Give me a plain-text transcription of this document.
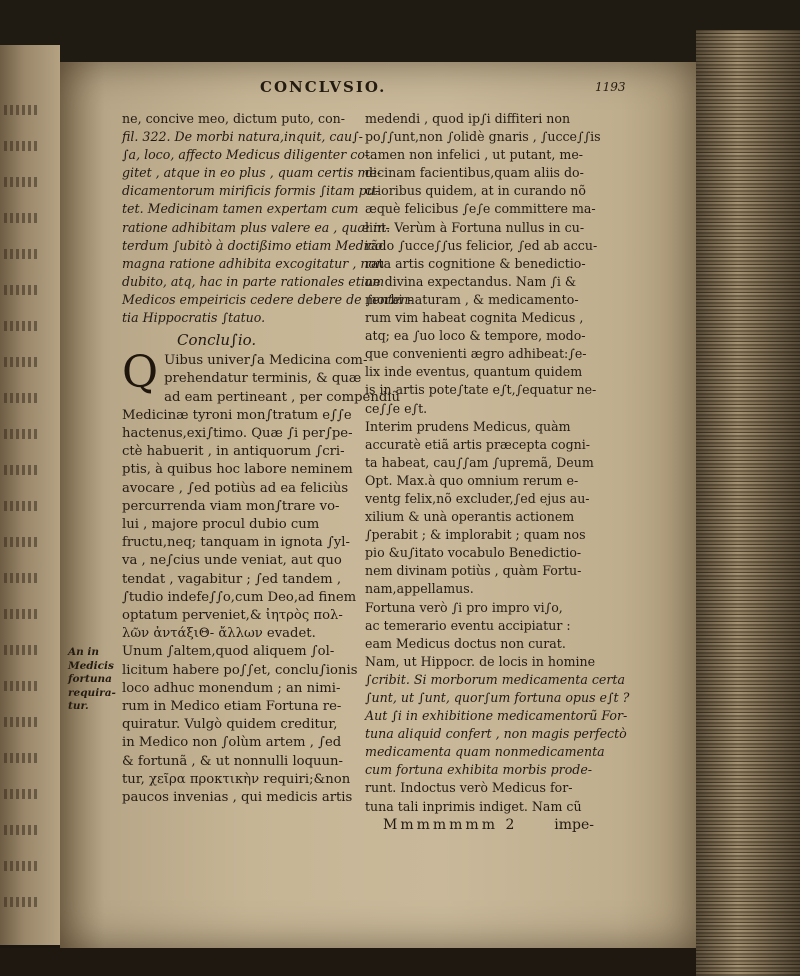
CONCLVSIO.	1193
ne, concive meo, dictum puto, con-
fil. 322. De morbi natura,inquit, cau∫-
∫a, loco, affecto Medicus diligenter co-
gitet , atque in eo plus , quam certis me-
dicamentorum mirificis formis ∫itam pu-
tet. Medicinam tamen expertam cum
ratione adhibitam plus valere ea , quæ in-
terdum ∫ubitò à doctißimo etiam Medico
magna ratione adhibita excogitatur , non
dubito, atq, hac in parte rationales etiam
Medicos empeiricis cedere debere de ∫enten-
tia Hippocratis ∫tatuo.
Conclu∫io.
Q Uibus univer∫a Medicina com-
prehendatur terminis, & quæ
ad eam pertineant , per compendiũ
Medicinæ tyroni mon∫tratum e∫∫e
hactenus,exi∫timo. Quæ ∫i per∫pe-
ctè habuerit , in antiquorum ∫cri-
ptis, à quibus hoc labore neminem
avocare , ∫ed potiùs ad ea feliciùs
percurrenda viam mon∫trare vo-
lui , majore procul dubio cum
fructu,neq; tanquam in ignota ∫yl-
va , ne∫cius unde veniat, aut quo
tendat , vagabitur ; ∫ed tandem ,
∫tudio indefe∫∫o,cum Deo,ad finem
optatum perveniet,& ἰητρὸς πολ-
λῶν ἀντάξιΘ- ἄλλων evadet.
Unum ∫altem,quod aliquem ∫ol-
licitum habere po∫∫et, conclu∫ionis
loco adhuc monendum ; an nimi-
rum in Medico etiam Fortuna re-
quiratur. Vulgò quidem creditur,
in Medico non ∫olùm artem , ∫ed
& fortunã , & ut nonnulli loquun-
tur, χεῖρα προκτικὴν requiri;&non
paucos invenias , qui medicis artis
An in
Medicis
fortuna
requira-
tur.
medendi , quod ip∫i diffiteri non
po∫∫unt,non ∫olidè gnaris , ∫ucce∫∫is
tamen non infelici , ut putant, me-
dicinam facientibus,quam aliis do-
ctioribus quidem, at in curando nõ
æquè felicibus ∫e∫e committere ma-
lint. Verùm à Fortuna nullus in cu-
rãdo ∫ucce∫∫us felicior, ∫ed ab accu-
rata artis cognitione & benedictio-
ne divina expectandus. Nam ∫i &
morbi naturam , & medicamento-
rum vim habeat cognita Medicus ,
atq; ea ∫uo loco & tempore, modo-
que convenienti ægro adhibeat:∫e-
lix inde eventus, quantum quidem
is in artis pote∫tate e∫t,∫equatur ne-
ce∫∫e e∫t.
Interim prudens Medicus, quàm
accuratè etiã artis præcepta cogni-
ta habeat, cau∫∫am ∫upremã, Deum
Opt. Max.à quo omnium rerum e-
ventg felix,nõ excluder,∫ed ejus au-
xilium & unà operantis actionem
∫perabit ; & implorabit ; quam nos
pio &u∫itato vocabulo Benedictio-
nem divinam potiùs , quàm Fortu-
nam,appellamus.
Fortuna verò ∫i pro impro vi∫o,
ac temerario eventu accipiatur :
eam Medicus doctus non curat.
Nam, ut Hippocr. de locis in homine
∫cribit. Si morborum medicamenta certa
∫unt, ut ∫unt, quor∫um fortuna opus e∫t ?
Aut ∫i in exhibitione medicamentorũ For-
tuna aliquid confert , non magis perfectò
medicamenta quam nonmedicamenta
cum fortuna exhibita morbis prode-
runt. Indoctus verò Medicus for-
tuna tali inprimis indiget. Nam cũ
Mmmmmmm 2	impe-
